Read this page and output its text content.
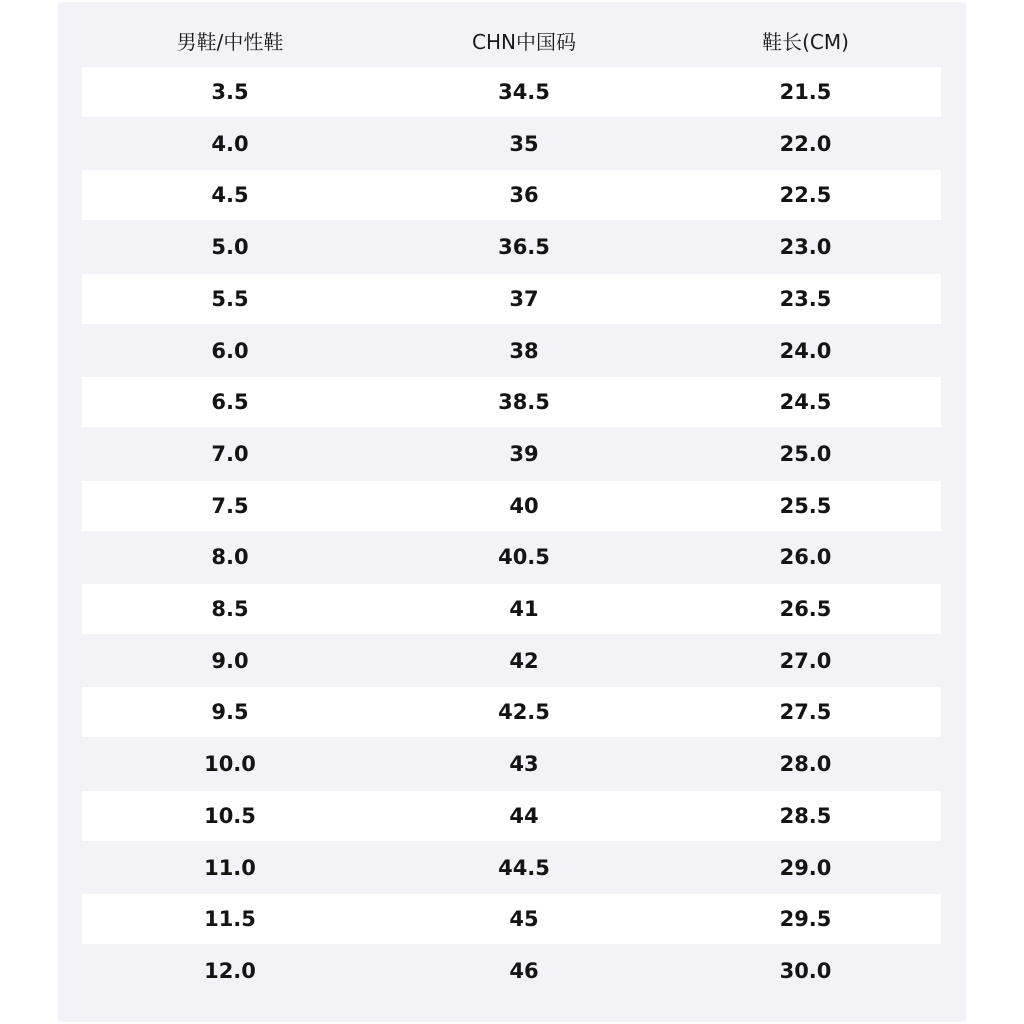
男鞋/中性鞋	CHN中国码	鞋长(CM)
3.5	34.5	21.5
4.0	35	22.0
4.5	36	22.5
5.0	36.5	23.0
5.5	37	23.5
6.0	38	24.0
6.5	38.5	24.5
7.0	39	25.0
7.5	40	25.5
8.0	40.5	26.0
8.5	41	26.5
9.0	42	27.0
9.5	42.5	27.5
10.0	43	28.0
10.5	44	28.5
11.0	44.5	29.0
11.5	45	29.5
12.0	46	30.0
